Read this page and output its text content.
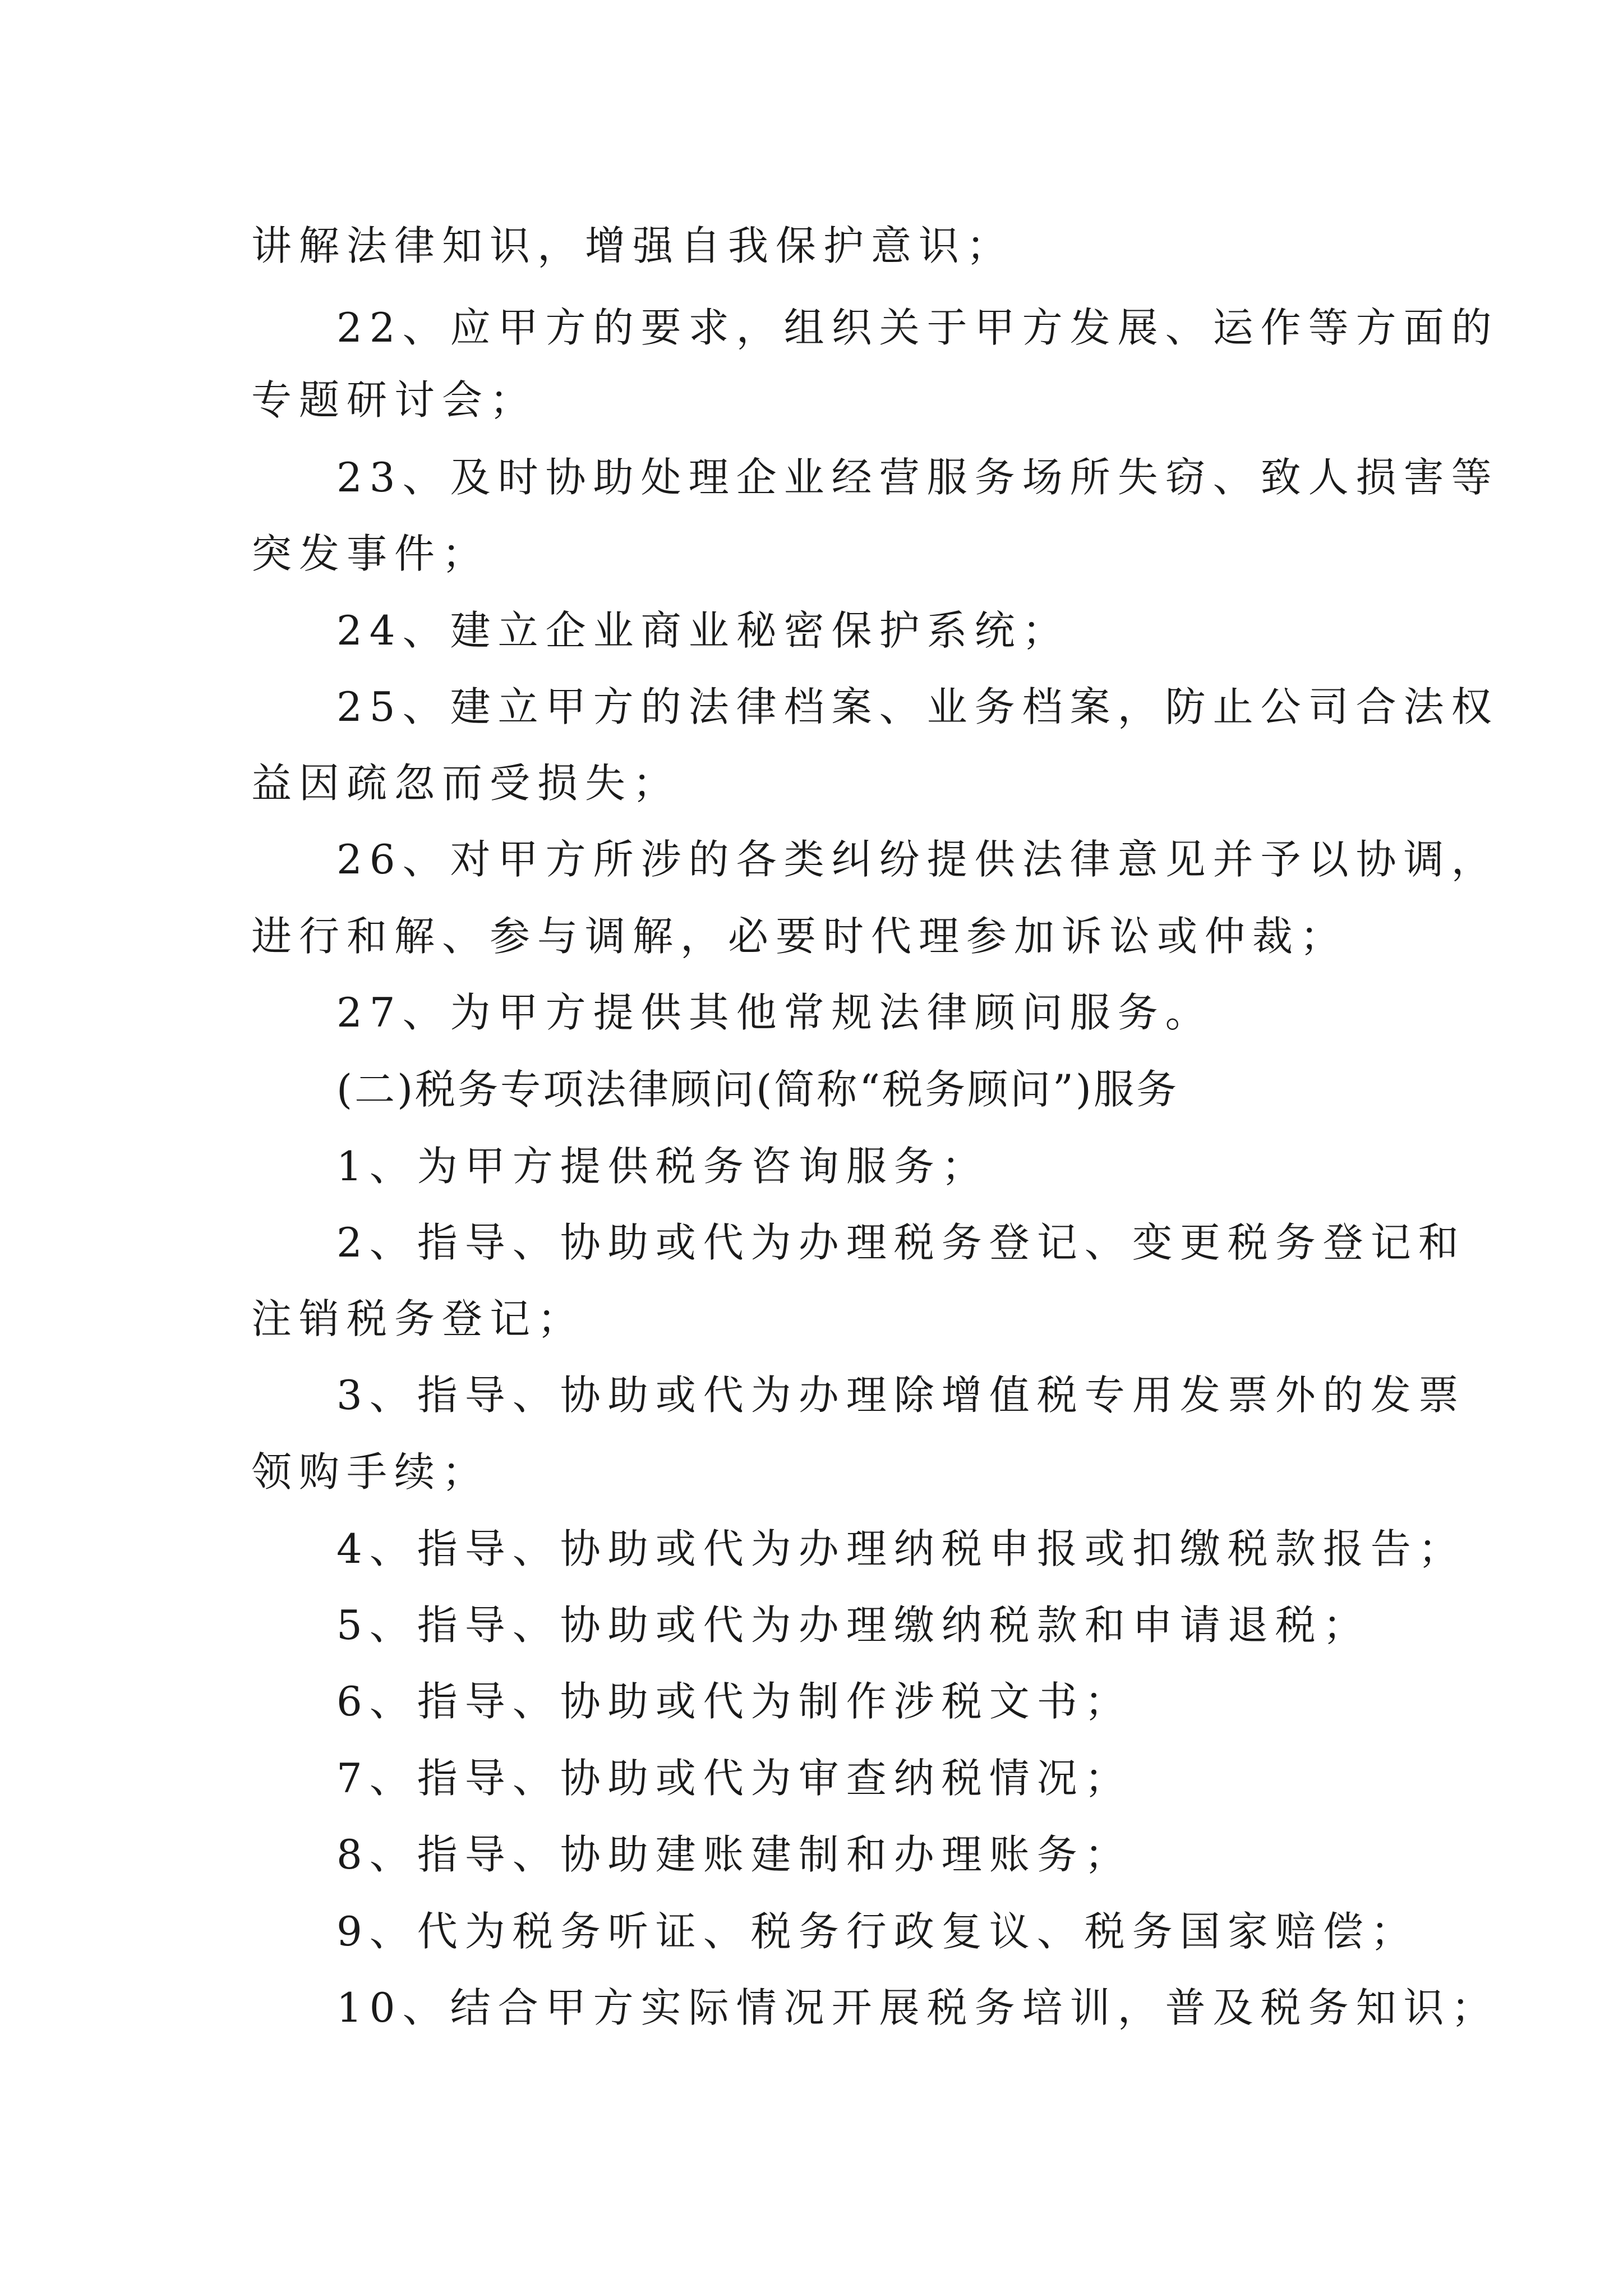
讲解法律知识，增强自我保护意识；
22、应甲方的要求，组织关于甲方发展、运作等方面的
专题研讨会；
23、及时协助处理企业经营服务场所失窃、致人损害等
突发事件；
24、建立企业商业秘密保护系统；
25、建立甲方的法律档案、业务档案，防止公司合法权
益因疏忽而受损失；
26、对甲方所涉的各类纠纷提供法律意见并予以协调，
进行和解、参与调解，必要时代理参加诉讼或仲裁；
27、为甲方提供其他常规法律顾问服务。
(二)税务专项法律顾问(简称“税务顾问”)服务
1、为甲方提供税务咨询服务；
2、指导、协助或代为办理税务登记、变更税务登记和
注销税务登记；
3、指导、协助或代为办理除增值税专用发票外的发票
领购手续；
4、指导、协助或代为办理纳税申报或扣缴税款报告；
5、指导、协助或代为办理缴纳税款和申请退税；
6、指导、协助或代为制作涉税文书；
7、指导、协助或代为审查纳税情况；
8、指导、协助建账建制和办理账务；
9、代为税务听证、税务行政复议、税务国家赔偿；
10、结合甲方实际情况开展税务培训，普及税务知识；
